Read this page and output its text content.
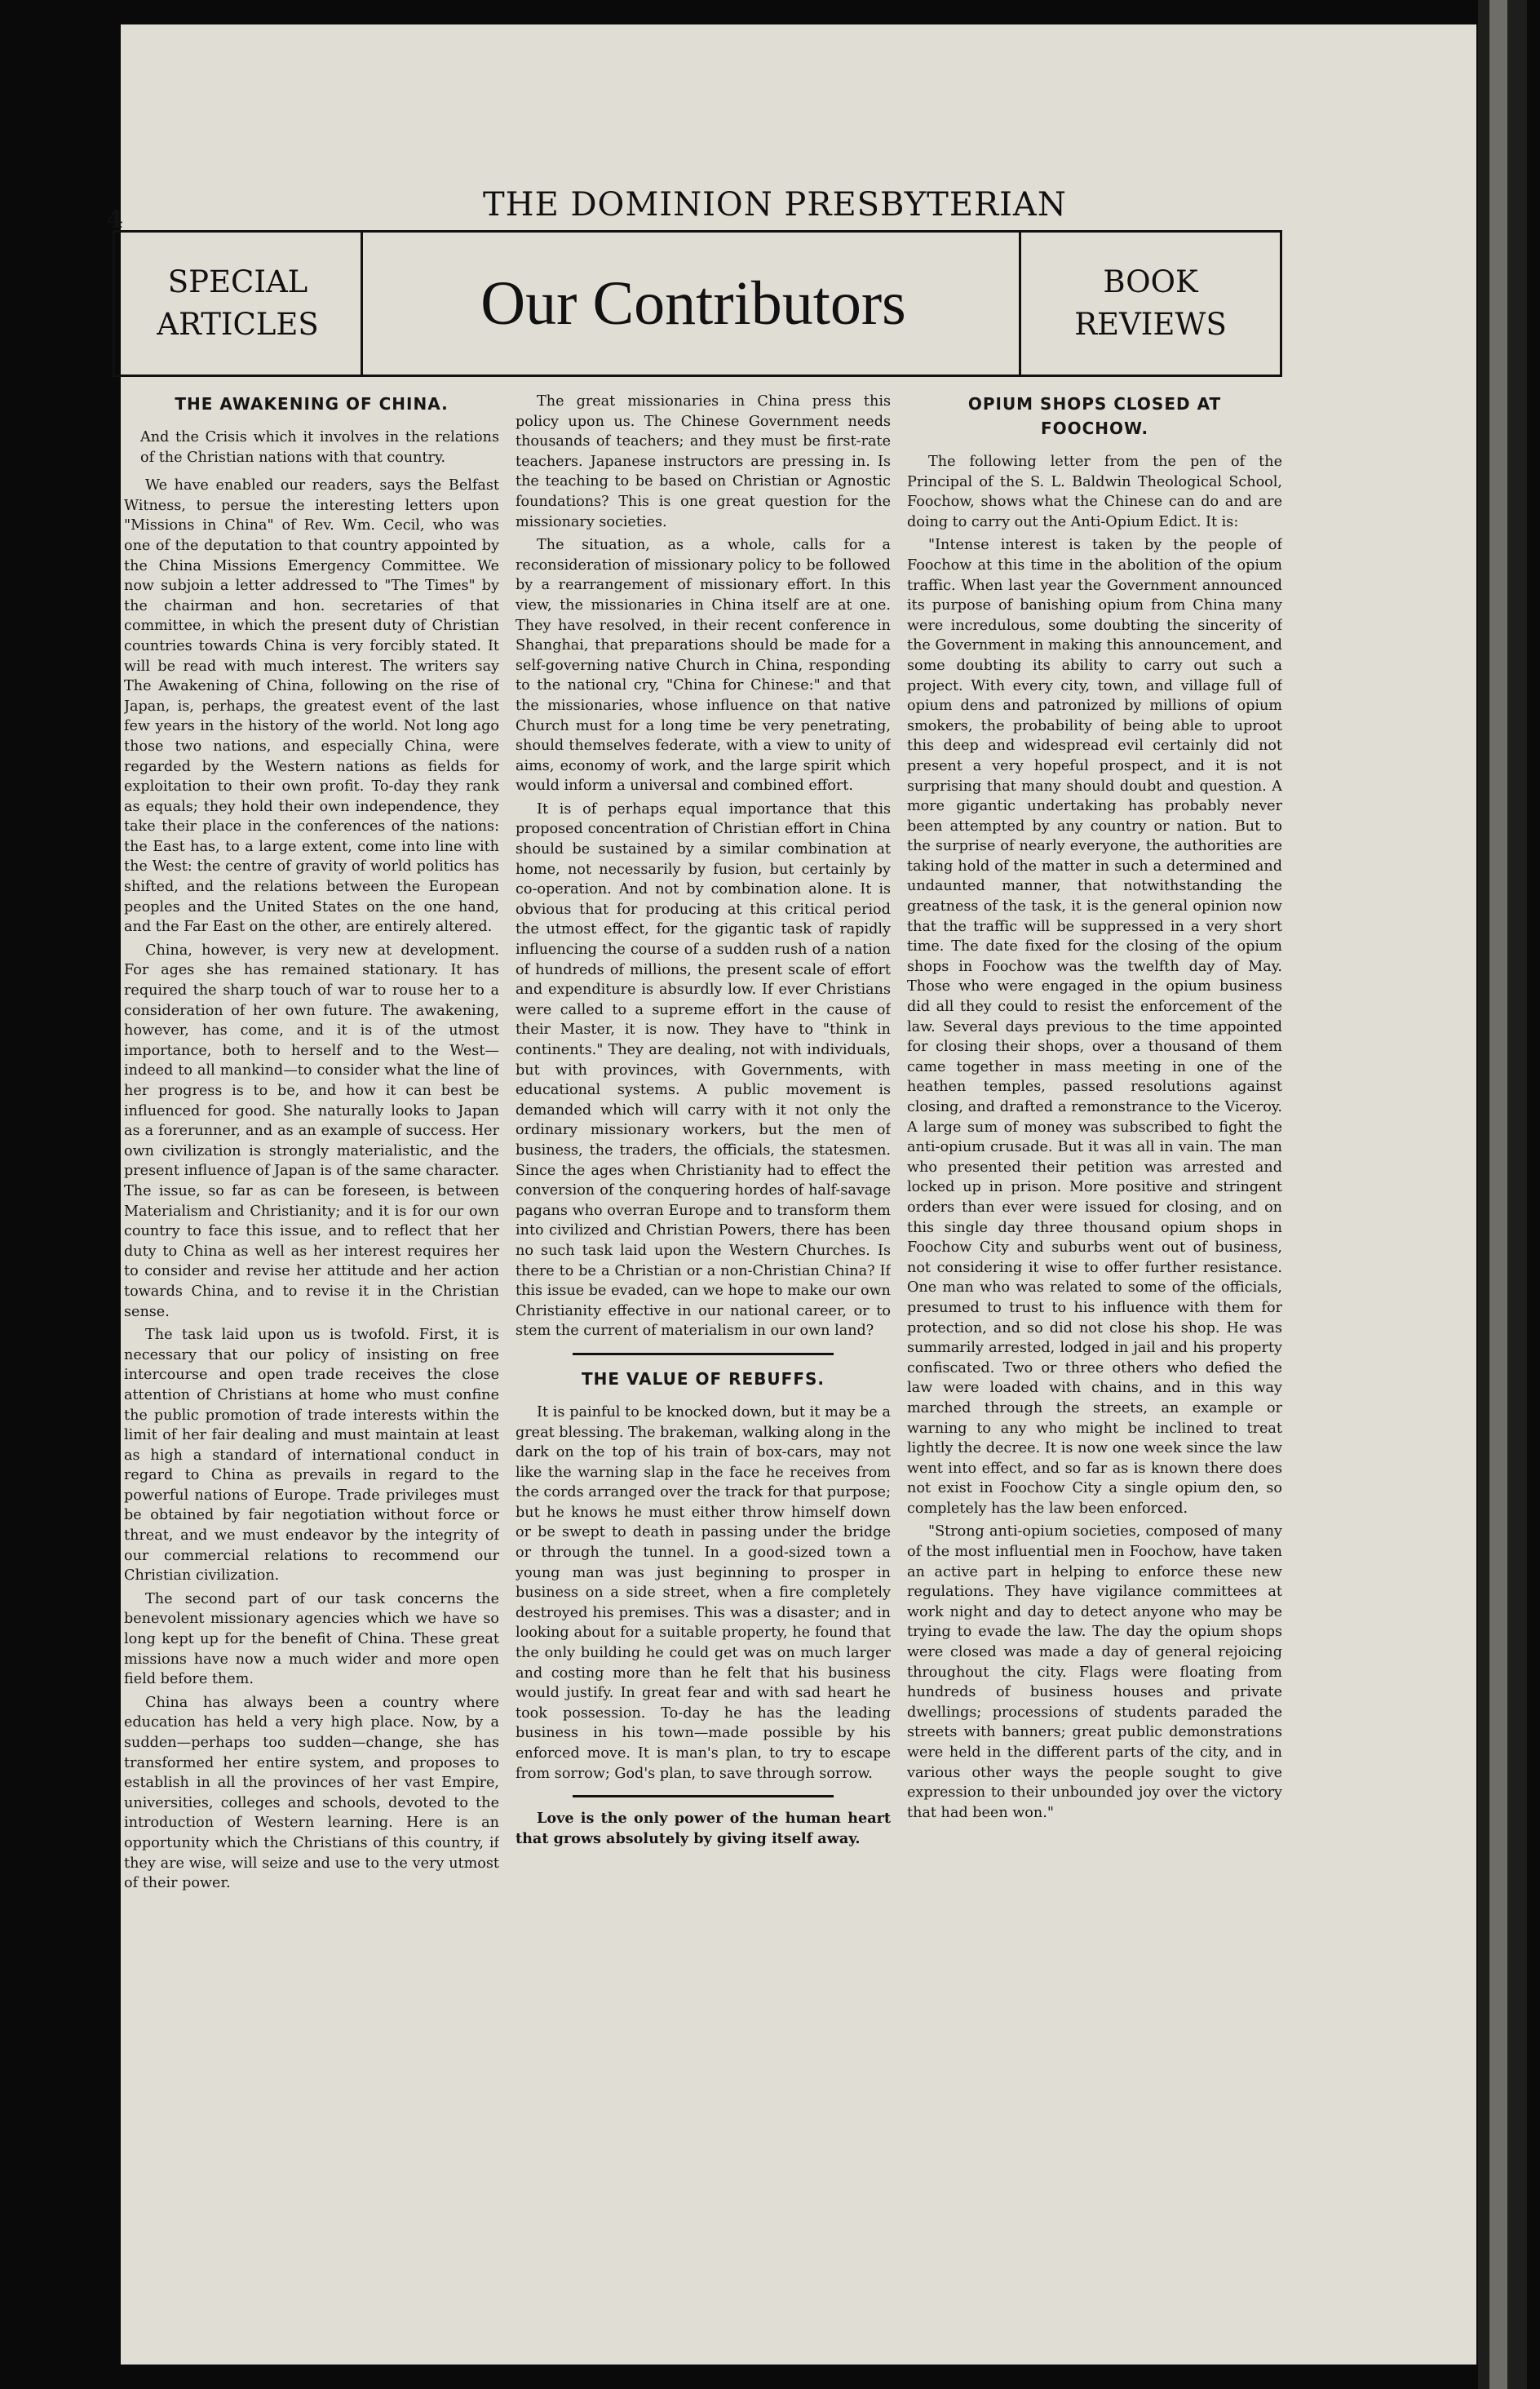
4	THE DOMINION PRESBYTERIAN
SPECIAL
ARTICLES	Our Contributors	BOOK
REVIEWS
THE AWAKENING OF CHINA.

And the Crisis which it involves in the relations of the Christian nations with that country.

We have enabled our readers, says the Belfast Witness, to persue the interesting letters upon "Missions in China" of Rev. Wm. Cecil, who was one of the deputation to that country appointed by the China Missions Emergency Committee. We now subjoin a letter addressed to "The Times" by the chairman and hon. secretaries of that committee, in which the present duty of Christian countries towards China is very forcibly stated. It will be read with much interest. The writers say The Awakening of China, following on the rise of Japan, is, perhaps, the greatest event of the last few years in the history of the world. Not long ago those two nations, and especially China, were regarded by the Western nations as fields for exploitation to their own profit. To-day they rank as equals; they hold their own independence, they take their place in the conferences of the nations: the East has, to a large extent, come into line with the West: the centre of gravity of world politics has shifted, and the relations between the European peoples and the United States on the one hand, and the Far East on the other, are entirely altered.

China, however, is very new at development. For ages she has remained stationary. It has required the sharp touch of war to rouse her to a consideration of her own future. The awakening, however, has come, and it is of the utmost importance, both to herself and to the West—indeed to all mankind—to consider what the line of her progress is to be, and how it can best be influenced for good. She naturally looks to Japan as a forerunner, and as an example of success. Her own civilization is strongly materialistic, and the present influence of Japan is of the same character. The issue, so far as can be foreseen, is between Materialism and Christianity; and it is for our own country to face this issue, and to reflect that her duty to China as well as her interest requires her to consider and revise her attitude and her action towards China, and to revise it in the Christian sense.

The task laid upon us is twofold. First, it is necessary that our policy of insisting on free intercourse and open trade receives the close attention of Christians at home who must confine the public promotion of trade interests within the limit of her fair dealing and must maintain at least as high a standard of international conduct in regard to China as prevails in regard to the powerful nations of Europe. Trade privileges must be obtained by fair negotiation without force or threat, and we must endeavor by the integrity of our commercial relations to recommend our Christian civilization.

The second part of our task concerns the benevolent missionary agencies which we have so long kept up for the benefit of China. These great missions have now a much wider and more open field before them.

China has always been a country where education has held a very high place. Now, by a sudden—perhaps too sudden—change, she has transformed her entire system, and proposes to establish in all the provinces of her vast Empire, universities, colleges and schools, devoted to the introduction of Western learning. Here is an opportunity which the Christians of this country, if they are wise, will seize and use to the very utmost of their power.

The great missionaries in China press this policy upon us. The Chinese Government needs thousands of teachers; and they must be first-rate teachers. Japanese instructors are pressing in. Is the teaching to be based on Christian or Agnostic foundations? This is one great question for the missionary societies.

The situation, as a whole, calls for a reconsideration of missionary policy to be followed by a rearrangement of missionary effort. In this view, the missionaries in China itself are at one. They have resolved, in their recent conference in Shanghai, that preparations should be made for a self-governing native Church in China, responding to the national cry, "China for Chinese:" and that the missionaries, whose influence on that native Church must for a long time be very penetrating, should themselves federate, with a view to unity of aims, economy of work, and the large spirit which would inform a universal and combined effort.

It is of perhaps equal importance that this proposed concentration of Christian effort in China should be sustained by a similar combination at home, not necessarily by fusion, but certainly by co-operation. And not by combination alone. It is obvious that for producing at this critical period the utmost effect, for the gigantic task of rapidly influencing the course of a sudden rush of a nation of hundreds of millions, the present scale of effort and expenditure is absurdly low. If ever Christians were called to a supreme effort in the cause of their Master, it is now. They have to "think in continents." They are dealing, not with individuals, but with provinces, with Governments, with educational systems. A public movement is demanded which will carry with it not only the ordinary missionary workers, but the men of business, the traders, the officials, the statesmen. Since the ages when Christianity had to effect the conversion of the conquering hordes of half-savage pagans who overran Europe and to transform them into civilized and Christian Powers, there has been no such task laid upon the Western Churches. Is there to be a Christian or a non-Christian China? If this issue be evaded, can we hope to make our own Christianity effective in our national career, or to stem the current of materialism in our own land?

THE VALUE OF REBUFFS.

It is painful to be knocked down, but it may be a great blessing. The brakeman, walking along in the dark on the top of his train of box-cars, may not like the warning slap in the face he receives from the cords arranged over the track for that purpose; but he knows he must either throw himself down or be swept to death in passing under the bridge or through the tunnel. In a good-sized town a young man was just beginning to prosper in business on a side street, when a fire completely destroyed his premises. This was a disaster; and in looking about for a suitable property, he found that the only building he could get was on much larger and costing more than he felt that his business would justify. In great fear and with sad heart he took possession. To-day he has the leading business in his town—made possible by his enforced move. It is man's plan, to try to escape from sorrow; God's plan, to save through sorrow.

Love is the only power of the human heart that grows absolutely by giving itself away.

OPIUM SHOPS CLOSED AT
FOOCHOW.

The following letter from the pen of the Principal of the S. L. Baldwin Theological School, Foochow, shows what the Chinese can do and are doing to carry out the Anti-Opium Edict. It is:

"Intense interest is taken by the people of Foochow at this time in the abolition of the opium traffic. When last year the Government announced its purpose of banishing opium from China many were incredulous, some doubting the sincerity of the Government in making this announcement, and some doubting its ability to carry out such a project. With every city, town, and village full of opium dens and patronized by millions of opium smokers, the probability of being able to uproot this deep and widespread evil certainly did not present a very hopeful prospect, and it is not surprising that many should doubt and question. A more gigantic undertaking has probably never been attempted by any country or nation. But to the surprise of nearly everyone, the authorities are taking hold of the matter in such a determined and undaunted manner, that notwithstanding the greatness of the task, it is the general opinion now that the traffic will be suppressed in a very short time. The date fixed for the closing of the opium shops in Foochow was the twelfth day of May. Those who were engaged in the opium business did all they could to resist the enforcement of the law. Several days previous to the time appointed for closing their shops, over a thousand of them came together in mass meeting in one of the heathen temples, passed resolutions against closing, and drafted a remonstrance to the Viceroy. A large sum of money was subscribed to fight the anti-opium crusade. But it was all in vain. The man who presented their petition was arrested and locked up in prison. More positive and stringent orders than ever were issued for closing, and on this single day three thousand opium shops in Foochow City and suburbs went out of business, not considering it wise to offer further resistance. One man who was related to some of the officials, presumed to trust to his influence with them for protection, and so did not close his shop. He was summarily arrested, lodged in jail and his property confiscated. Two or three others who defied the law were loaded with chains, and in this way marched through the streets, an example or warning to any who might be inclined to treat lightly the decree. It is now one week since the law went into effect, and so far as is known there does not exist in Foochow City a single opium den, so completely has the law been enforced.

"Strong anti-opium societies, composed of many of the most influential men in Foochow, have taken an active part in helping to enforce these new regulations. They have vigilance committees at work night and day to detect anyone who may be trying to evade the law. The day the opium shops were closed was made a day of general rejoicing throughout the city. Flags were floating from hundreds of business houses and private dwellings; processions of students paraded the streets with banners; great public demonstrations were held in the different parts of the city, and in various other ways the people sought to give expression to their unbounded joy over the victory that had been won."
